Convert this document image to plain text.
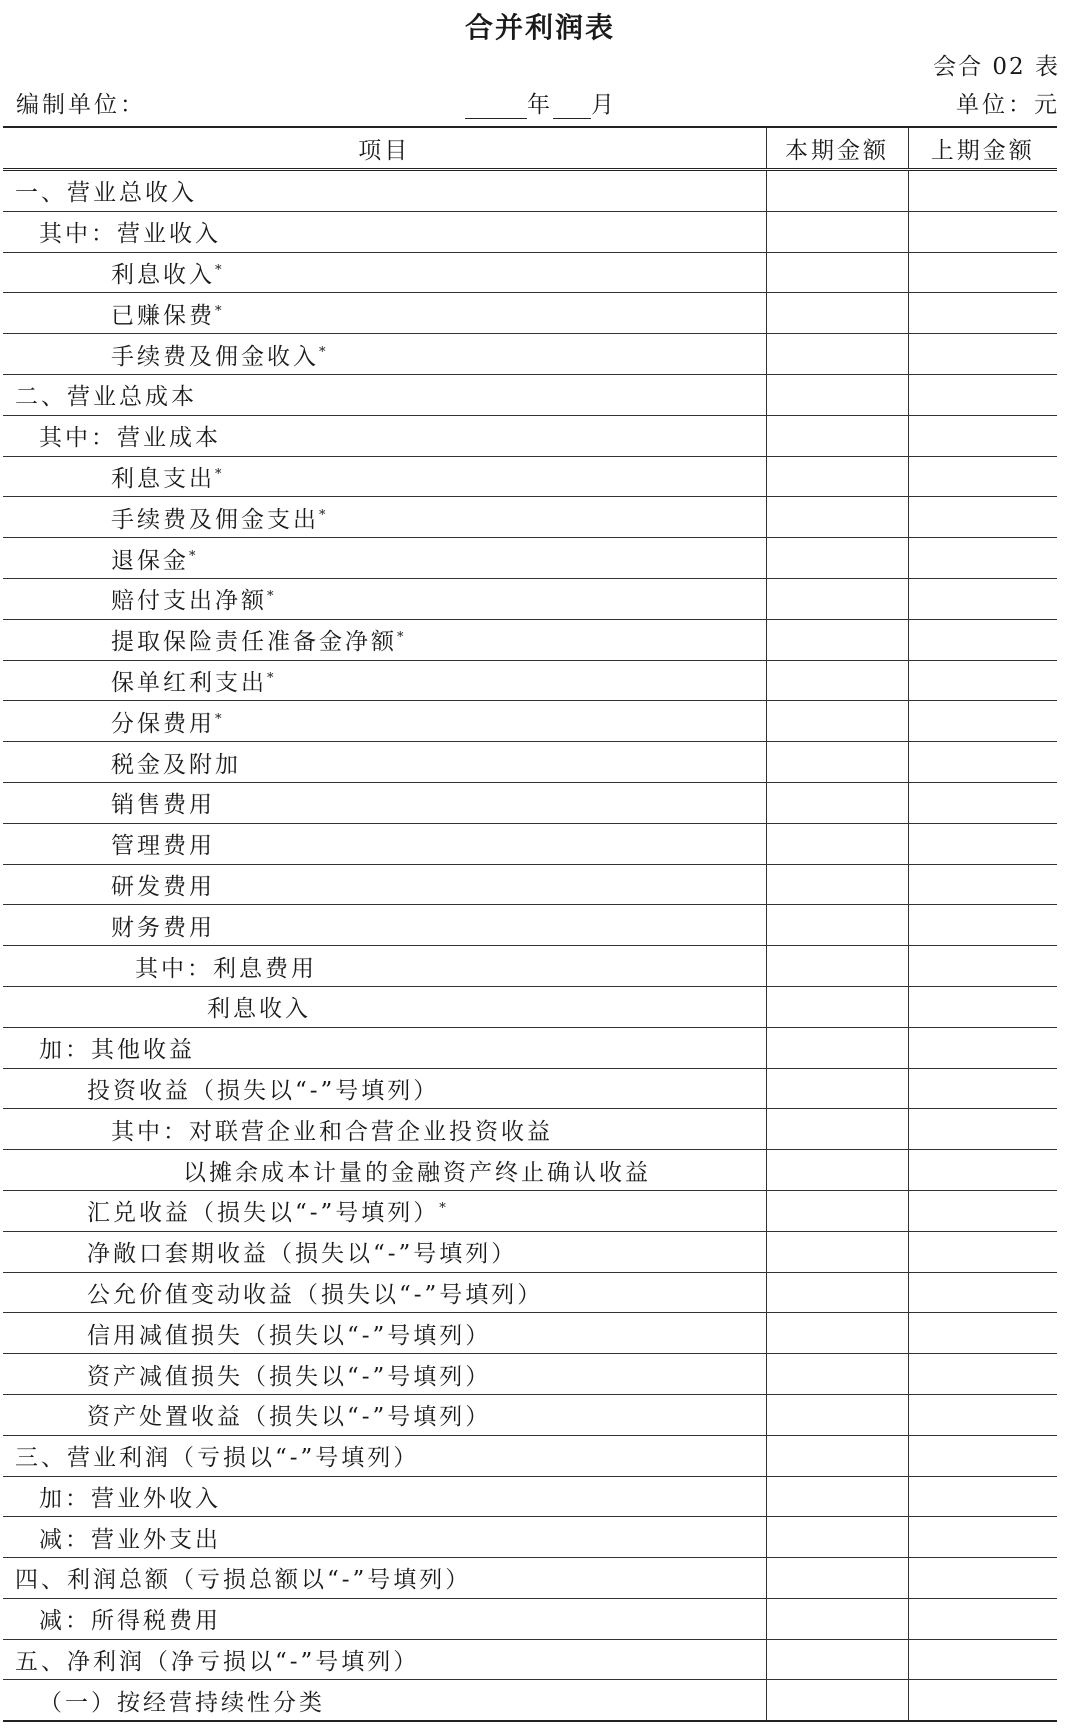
合并利润表
会合 02 表
编制单位：	年 月	单位：元
项目	本期金额	上期金额
一、营业总收入		
其中：营业收入		
利息收入*		
已赚保费*		
手续费及佣金收入*		
二、营业总成本		
其中：营业成本		
利息支出*		
手续费及佣金支出*		
退保金*		
赔付支出净额*		
提取保险责任准备金净额*		
保单红利支出*		
分保费用*		
税金及附加		
销售费用		
管理费用		
研发费用		
财务费用		
其中：利息费用		
利息收入		
加：其他收益		
投资收益（损失以“-”号填列）		
其中：对联营企业和合营企业投资收益		
以摊余成本计量的金融资产终止确认收益		
汇兑收益（损失以“-”号填列）*		
净敞口套期收益（损失以“-”号填列）		
公允价值变动收益（损失以“-”号填列）		
信用减值损失（损失以“-”号填列）		
资产减值损失（损失以“-”号填列）		
资产处置收益（损失以“-”号填列）		
三、营业利润（亏损以“-”号填列）		
加：营业外收入		
减：营业外支出		
四、利润总额（亏损总额以“-”号填列）		
减：所得税费用		
五、净利润（净亏损以“-”号填列）		
（一）按经营持续性分类		
